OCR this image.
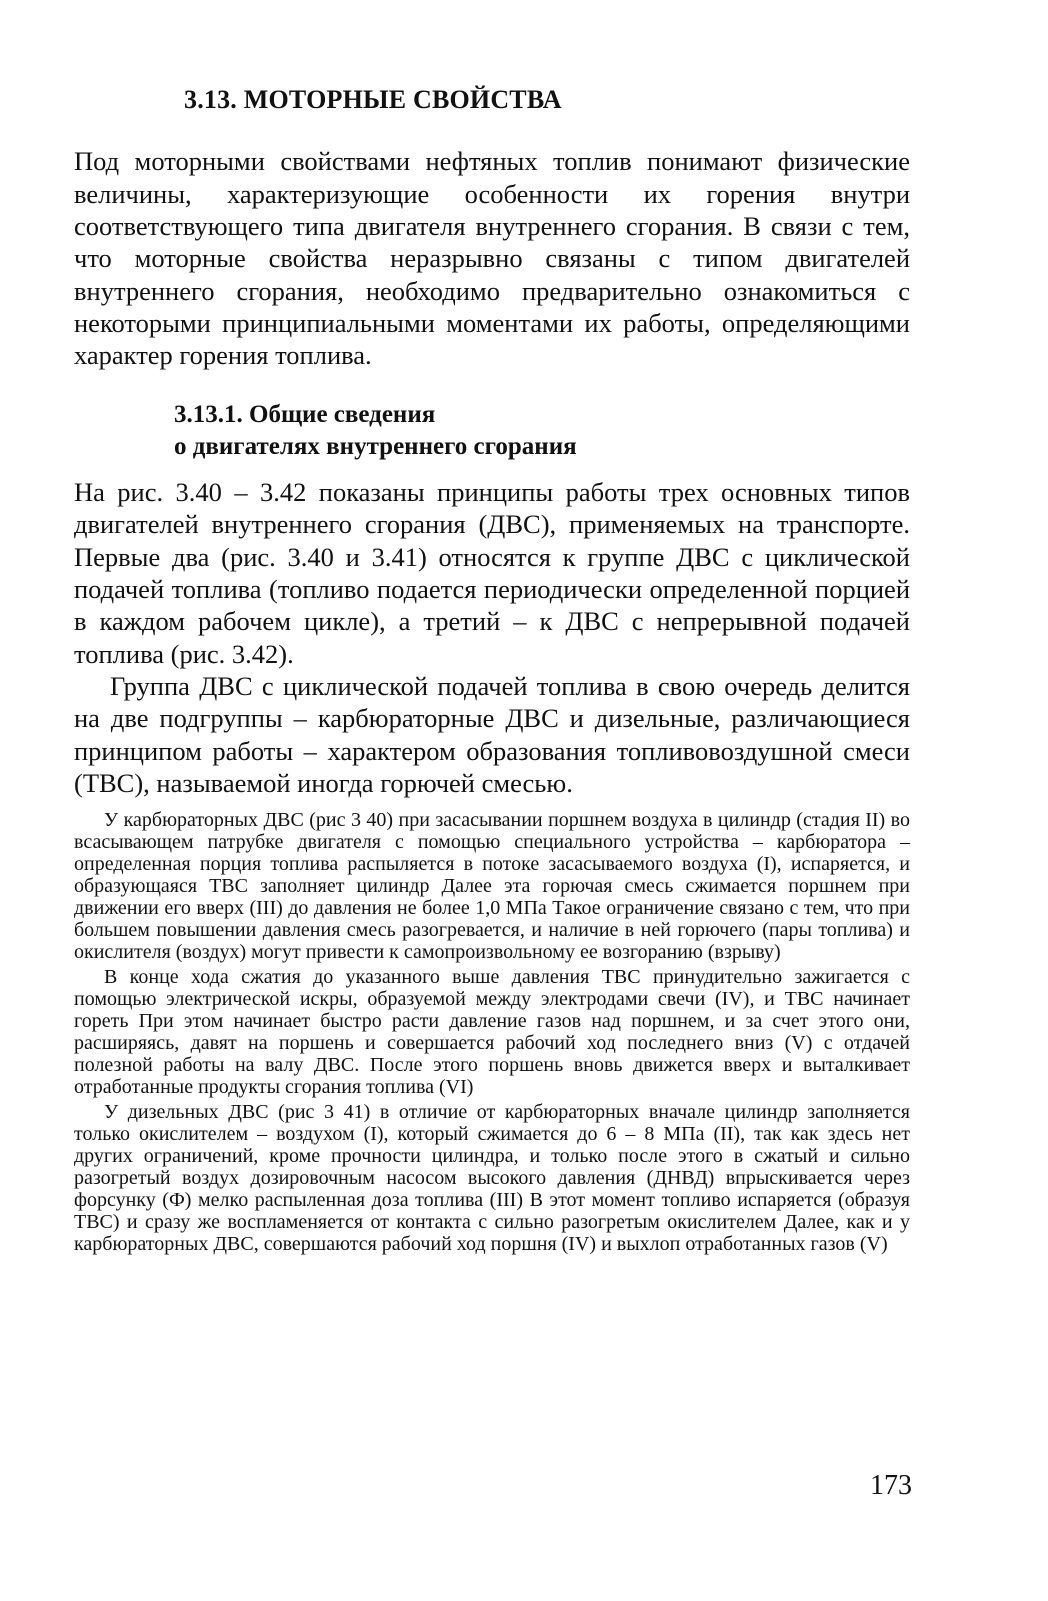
3.13. МОТОРНЫЕ СВОЙСТВА

Под моторными свойствами нефтяных топлив понимают физические величины, характеризующие особенности их горения внутри соответствующего типа двигателя внутреннего сгорания. В связи с тем, что моторные свойства неразрывно связаны с типом двигателей внутреннего сгорания, необходимо предварительно ознакомиться с некоторыми принципиальными моментами их работы, определяющими характер горения топлива.

3.13.1. Общие сведения
о двигателях внутреннего сгорания

На рис. 3.40 – 3.42 показаны принципы работы трех основных типов двигателей внутреннего сгорания (ДВС), применяемых на транспорте. Первые два (рис. 3.40 и 3.41) относятся к группе ДВС с циклической подачей топлива (топливо подается периодически определенной порцией в каждом рабочем цикле), а третий – к ДВС с непрерывной подачей топлива (рис. 3.42).

Группа ДВС с циклической подачей топлива в свою очередь делится на две подгруппы – карбюраторные ДВС и дизельные, различающиеся принципом работы – характером образования топливовоздушной смеси (ТВС), называемой иногда горючей смесью.

У карбюраторных ДВС (рис 3 40) при засасывании поршнем воздуха в цилиндр (стадия II) во всасывающем патрубке двигателя с помощью специального устройства – карбюратора – определенная порция топлива распыляется в потоке засасываемого воздуха (I), испаряется, и образующаяся ТВС заполняет цилиндр Далее эта горючая смесь сжимается поршнем при движении его вверх (III) до давления не более 1,0 МПа Такое ограничение связано с тем, что при большем повышении давления смесь разогревается, и наличие в ней горючего (пары топлива) и окислителя (воздух) могут привести к самопроизвольному ее возгоранию (взрыву)

В конце хода сжатия до указанного выше давления ТВС принудительно зажигается с помощью электрической искры, образуемой между электродами свечи (IV), и ТВС начинает гореть При этом начинает быстро расти давление газов над поршнем, и за счет этого они, расширяясь, давят на поршень и совершается рабочий ход последнего вниз (V) с отдачей полезной работы на валу ДВС. После этого поршень вновь движется вверх и выталкивает отработанные продукты сгорания топлива (VI)

У дизельных ДВС (рис 3 41) в отличие от карбюраторных вначале цилиндр заполняется только окислителем – воздухом (I), который сжимается до 6 – 8 МПа (II), так как здесь нет других ограничений, кроме прочности цилиндра, и только после этого в сжатый и сильно разогретый воздух дозировочным насосом высокого давления (ДНВД) впрыскивается через форсунку (Ф) мелко распыленная доза топлива (III) В этот момент топливо испаряется (образуя ТВС) и сразу же воспламеняется от контакта с сильно разогретым окислителем Далее, как и у карбюраторных ДВС, совершаются рабочий ход поршня (IV) и выхлоп отработанных газов (V)

173
